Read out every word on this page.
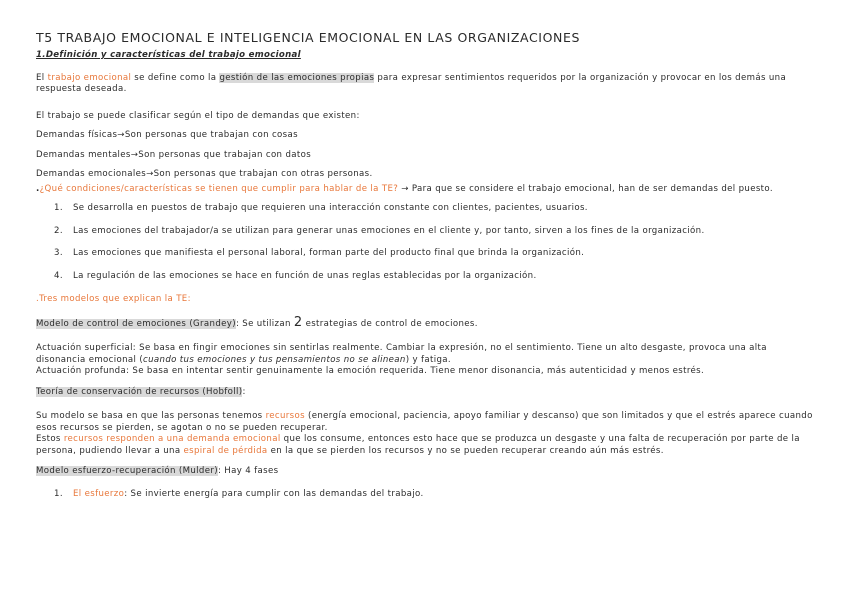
T5 TRABAJO EMOCIONAL E INTELIGENCIA EMOCIONAL EN LAS ORGANIZACIONES
1.Definición y características del trabajo emocional
El trabajo emocional se define como la gestión de las emociones propias para expresar sentimientos requeridos por la organización y provocar en los demás una respuesta deseada.
El trabajo se puede clasificar según el tipo de demandas que existen:
Demandas físicas→Son personas que trabajan con cosas
Demandas mentales→Son personas que trabajan con datos
Demandas emocionales→Son personas que trabajan con otras personas.
.¿Qué condiciones/características se tienen que cumplir para hablar de la TE? → Para que se considere el trabajo emocional, han de ser demandas del puesto.
1. Se desarrolla en puestos de trabajo que requieren una interacción constante con clientes, pacientes, usuarios.
2. Las emociones del trabajador/a se utilizan para generar unas emociones en el cliente y, por tanto, sirven a los fines de la organización.
3. Las emociones que manifiesta el personal laboral, forman parte del producto final que brinda la organización.
4. La regulación de las emociones se hace en función de unas reglas establecidas por la organización.
.Tres modelos que explican la TE:
Modelo de control de emociones (Grandey): Se utilizan 2 estrategias de control de emociones.
Actuación superficial: Se basa en fingir emociones sin sentirlas realmente. Cambiar la expresión, no el sentimiento. Tiene un alto desgaste, provoca una alta disonancia emocional (cuando tus emociones y tus pensamientos no se alinean) y fatiga.
Actuación profunda: Se basa en intentar sentir genuinamente la emoción requerida. Tiene menor disonancia, más autenticidad y menos estrés.
Teoría de conservación de recursos (Hobfoll):
Su modelo se basa en que las personas tenemos recursos (energía emocional, paciencia, apoyo familiar y descanso) que son limitados y que el estrés aparece cuando esos recursos se pierden, se agotan o no se pueden recuperar.
Estos recursos responden a una demanda emocional que los consume, entonces esto hace que se produzca un desgaste y una falta de recuperación por parte de la persona, pudiendo llevar a una espiral de pérdida en la que se pierden los recursos y no se pueden recuperar creando aún más estrés.
Modelo esfuerzo-recuperación (Mulder): Hay 4 fases
1. El esfuerzo: Se invierte energía para cumplir con las demandas del trabajo.
